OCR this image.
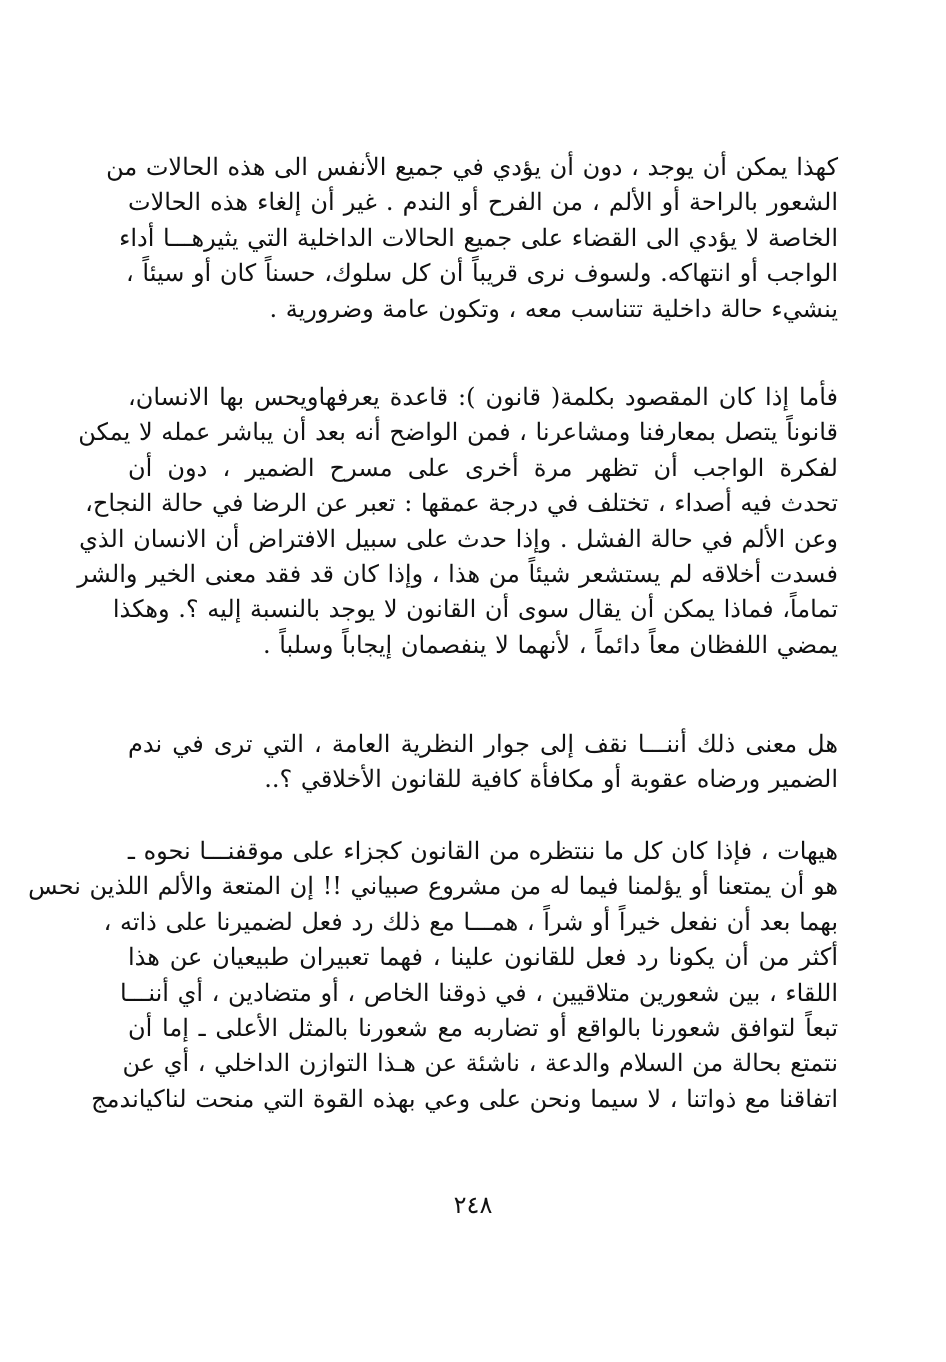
كهذا يمكن أن يوجد ، دون أن يؤدي في جميع الأنفس الى هذه الحالات من
الشعور بالراحة أو الألم ، من الفرح أو الندم . غير أن إلغاء هذه الحالات
الخاصة لا يؤدي الى القضاء على جميع الحالات الداخلية التي يثيرهـــا أداء
الواجب أو انتهاكه. ولسوف نرى قريباً أن كل سلوك، حسناً كان أو سيئاً ،
ينشيء حالة داخلية تتناسب معه ، وتكون عامة وضرورية .
فأما إذا كان المقصود بكلمة( قانون ): قاعدة يعرفهاويحس بها الانسان،
قانوناً يتصل بمعارفنا ومشاعرنا ، فمن الواضح أنه بعد أن يباشر عمله لا يمكن
لفكرة الواجب أن تظهر مرة أخرى على مسرح الضمير ، دون أن
تحدث فيه أصداء ، تختلف في درجة عمقها : تعبر عن الرضا في حالة النجاح،
وعن الألم في حالة الفشل . وإذا حدث على سبيل الافتراض أن الانسان الذي
فسدت أخلاقه لم يستشعر شيئاً من هذا ، وإذا كان قد فقد معنى الخير والشر
تماماً، فماذا يمكن أن يقال سوى أن القانون لا يوجد بالنسبة إليه ؟. وهكذا
يمضي اللفظان معاً دائماً ، لأنهما لا ينفصمان إيجاباً وسلباً .
هل معنى ذلك أننـــا نقف إلى جوار النظرية العامة ، التي ترى في ندم
الضمير ورضاه عقوبة أو مكافأة كافية للقانون الأخلاقي ؟..
هيهات ، فإذا كان كل ما ننتظره من القانون كجزاء على موقفنـــا نحوه ـ
هو أن يمتعنا أو يؤلمنا فيما له من مشروع صبياني !! إن المتعة والألم اللذين نحس
بهما بعد أن نفعل خيراً أو شراً ، همـــا مع ذلك رد فعل لضميرنا على ذاته ،
أكثر من أن يكونا رد فعل للقانون علينا ، فهما تعبيران طبيعيان عن هذا
اللقاء ، بين شعورين متلاقيين ، في ذوقنا الخاص ، أو متضادين ، أي أننـــا
تبعاً لتوافق شعورنا بالواقع أو تضاربه مع شعورنا بالمثل الأعلى ـ إما أن
نتمتع بحالة من السلام والدعة ، ناشئة عن هـذا التوازن الداخلي ، أي عن
اتفاقنا مع ذواتنا ، لا سيما ونحن على وعي بهذه القوة التي منحت لناكياندمج
٢٤٨
